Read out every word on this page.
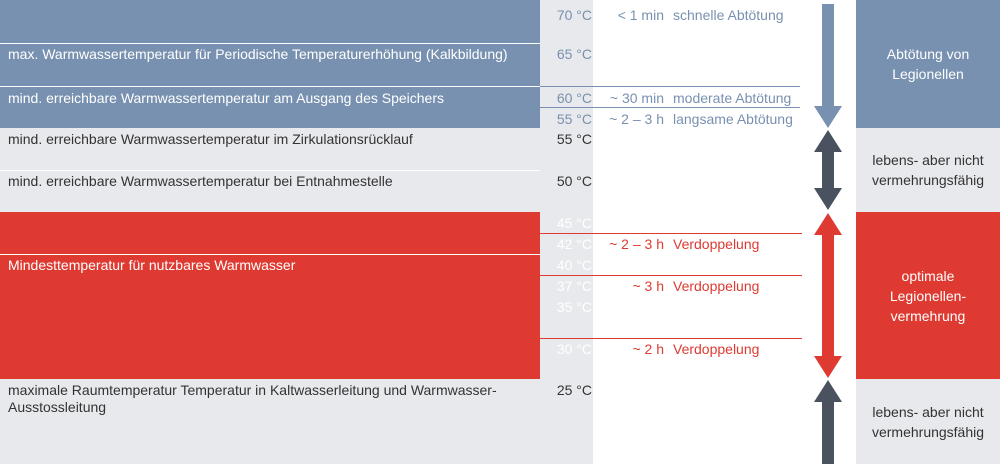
max. Warmwassertemperatur für Periodische Temperaturerhöhung (Kalkbildung)
mind. erreichbare Warmwassertemperatur am Ausgang des Speichers
mind. erreichbare Warmwassertemperatur im Zirkulationsrücklauf
mind. erreichbare Warmwassertemperatur bei Entnahmestelle
Mindesttemperatur für nutzbares Warmwasser
maximale Raumtemperatur Temperatur in Kaltwasserleitung und Warmwasser-Ausstossleitung
70 °C
65 °C
60 °C
55 °C
55 °C
50 °C
45 °C
42 °C
40 °C
37 °C
35 °C
30 °C
25 °C
< 1 min schnelle Abtötung
~ 30 min moderate Abtötung
~ 2 – 3 h langsame Abtötung
~ 2 – 3 h Verdoppelung
~ 3 h Verdoppelung
~ 2 h Verdoppelung
Abtötung von Legionellen
lebens- aber nicht vermehrungsfähig
optimale Legionellen-vermehrung
lebens- aber nicht vermehrungsfähig
